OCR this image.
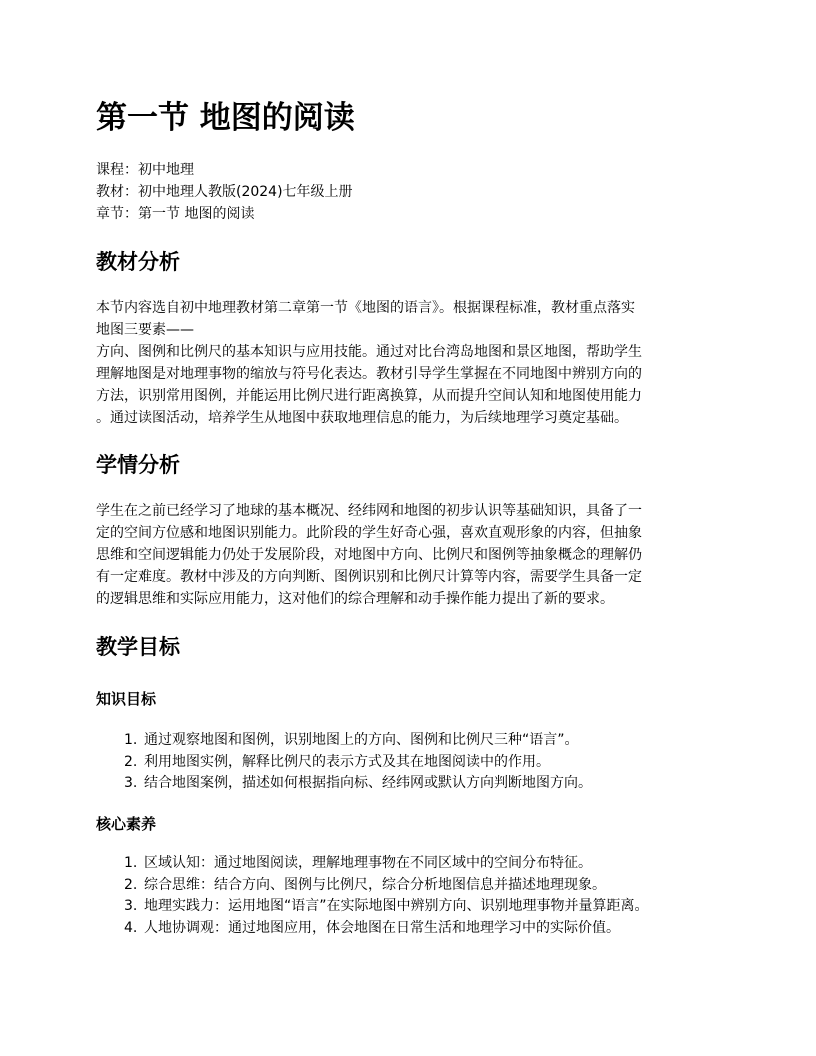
第一节 地图的阅读
课程：初中地理
教材：初中地理人教版(2024)七年级上册
章节：第一节 地图的阅读
教材分析
本节内容选自初中地理教材第二章第一节《地图的语言》。根据课程标准，教材重点落实
地图三要素——
方向、图例和比例尺的基本知识与应用技能。通过对比台湾岛地图和景区地图，帮助学生
理解地图是对地理事物的缩放与符号化表达。教材引导学生掌握在不同地图中辨别方向的
方法，识别常用图例，并能运用比例尺进行距离换算，从而提升空间认知和地图使用能力
。通过读图活动，培养学生从地图中获取地理信息的能力，为后续地理学习奠定基础。
学情分析
学生在之前已经学习了地球的基本概况、经纬网和地图的初步认识等基础知识，具备了一
定的空间方位感和地图识别能力。此阶段的学生好奇心强，喜欢直观形象的内容，但抽象
思维和空间逻辑能力仍处于发展阶段，对地图中方向、比例尺和图例等抽象概念的理解仍
有一定难度。教材中涉及的方向判断、图例识别和比例尺计算等内容，需要学生具备一定
的逻辑思维和实际应用能力，这对他们的综合理解和动手操作能力提出了新的要求。
教学目标
知识目标
1. 通过观察地图和图例，识别地图上的方向、图例和比例尺三种“语言”。
2. 利用地图实例，解释比例尺的表示方式及其在地图阅读中的作用。
3. 结合地图案例，描述如何根据指向标、经纬网或默认方向判断地图方向。
核心素养
1. 区域认知：通过地图阅读，理解地理事物在不同区域中的空间分布特征。
2. 综合思维：结合方向、图例与比例尺，综合分析地图信息并描述地理现象。
3. 地理实践力：运用地图“语言”在实际地图中辨别方向、识别地理事物并量算距离。
4. 人地协调观：通过地图应用，体会地图在日常生活和地理学习中的实际价值。
